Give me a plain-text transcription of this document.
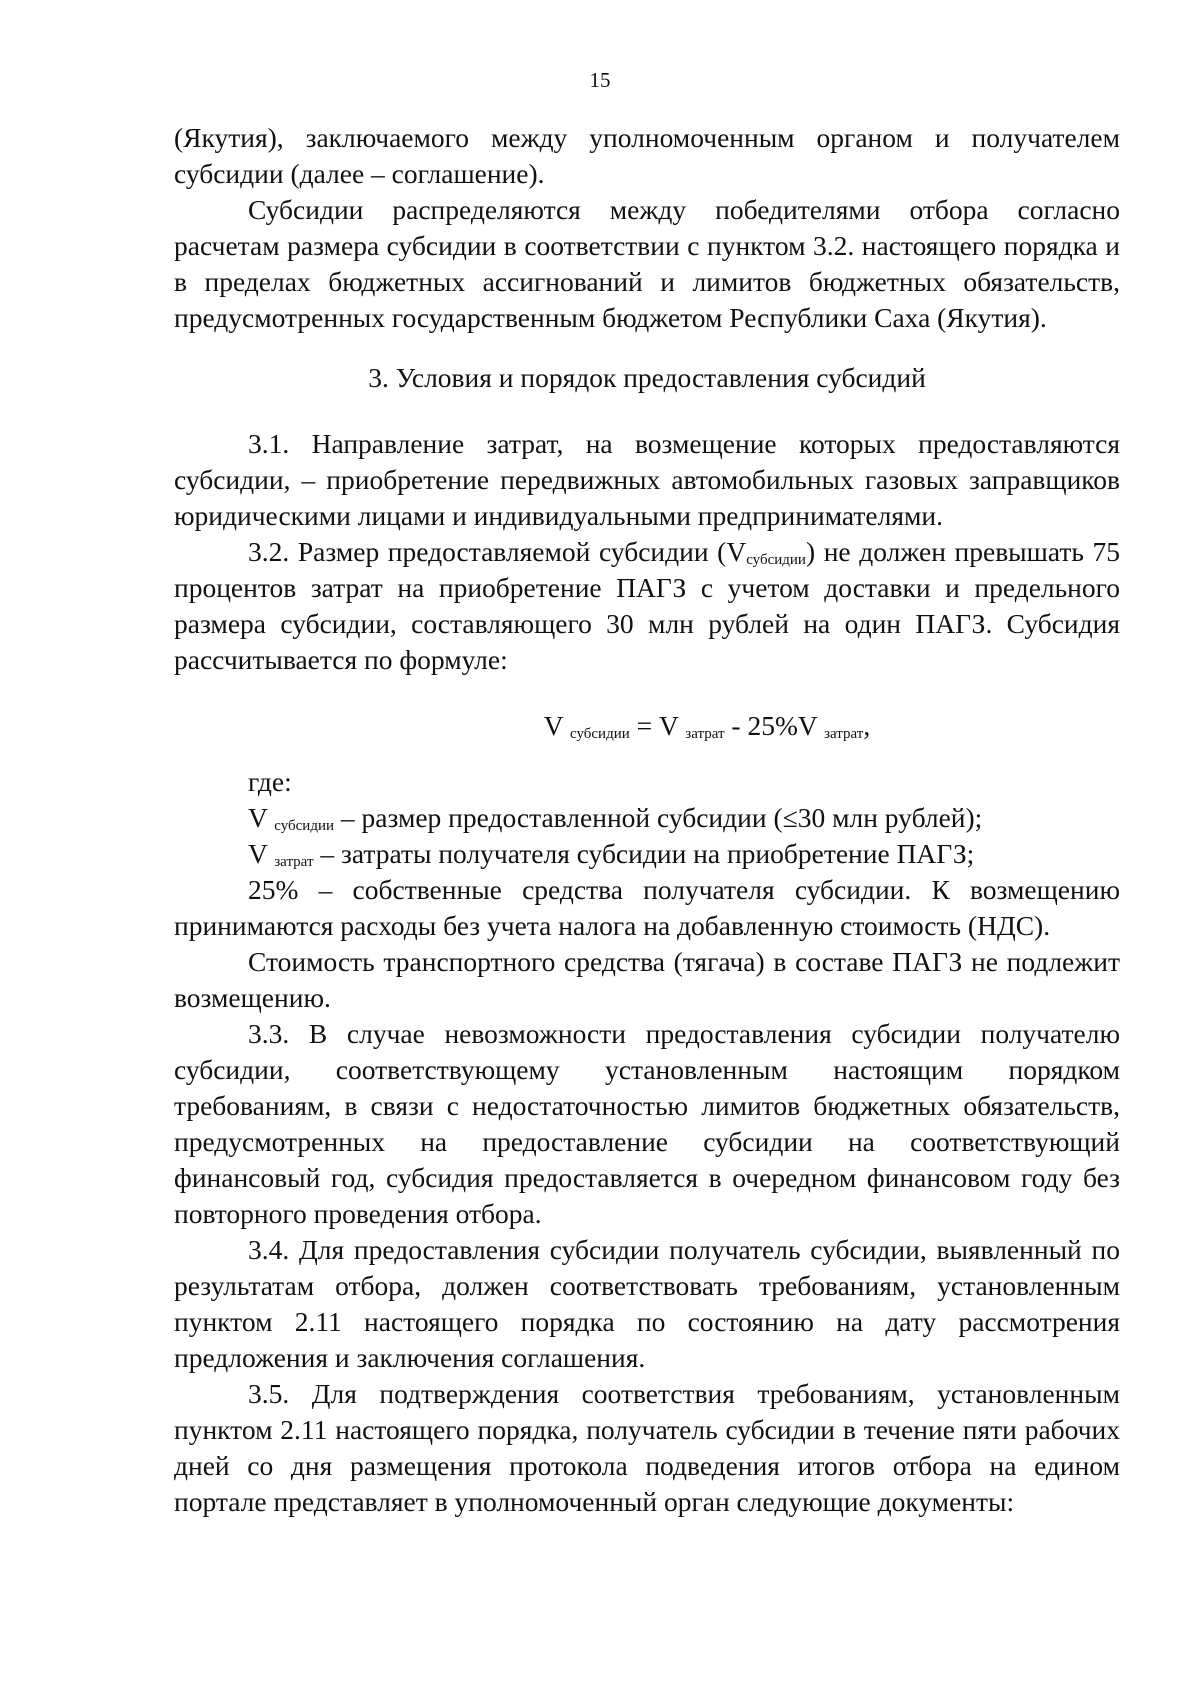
15

(Якутия), заключаемого между уполномоченным органом и получателем субсидии (далее – соглашение).

Субсидии распределяются между победителями отбора согласно расчетам размера субсидии в соответствии с пунктом 3.2. настоящего порядка и в пределах бюджетных ассигнований и лимитов бюджетных обязательств, предусмотренных государственным бюджетом Республики Саха (Якутия).

3. Условия и порядок предоставления субсидий

3.1. Направление затрат, на возмещение которых предоставляются субсидии, – приобретение передвижных автомобильных газовых заправщиков юридическими лицами и индивидуальными предпринимателями.

3.2. Размер предоставляемой субсидии $(V_{субсидии})$ не должен превышать 75 процентов затрат на приобретение ПАГЗ с учетом доставки и предельного размера субсидии, составляющего 30 млн рублей на один ПАГЗ. Субсидия рассчитывается по формуле:

V $_{субсидии}$ = V $_{затрат}$ - 25%V $_{затрат}$,

где:

V $_{субсидии}$ – размер предоставленной субсидии (≤30 млн рублей);

V $_{затрат}$ – затраты получателя субсидии на приобретение ПАГЗ;

25% – собственные средства получателя субсидии. К возмещению принимаются расходы без учета налога на добавленную стоимость (НДС).

Стоимость транспортного средства (тягача) в составе ПАГЗ не подлежит возмещению.

3.3. В случае невозможности предоставления субсидии получателю субсидии, соответствующему установленным настоящим порядком требованиям, в связи с недостаточностью лимитов бюджетных обязательств, предусмотренных на предоставление субсидии на соответствующий финансовый год, субсидия предоставляется в очередном финансовом году без повторного проведения отбора.

3.4. Для предоставления субсидии получатель субсидии, выявленный по результатам отбора, должен соответствовать требованиям, установленным пунктом 2.11 настоящего порядка по состоянию на дату рассмотрения предложения и заключения соглашения.

3.5. Для подтверждения соответствия требованиям, установленным пунктом 2.11 настоящего порядка, получатель субсидии в течение пяти рабочих дней со дня размещения протокола подведения итогов отбора на едином портале представляет в уполномоченный орган следующие документы:
